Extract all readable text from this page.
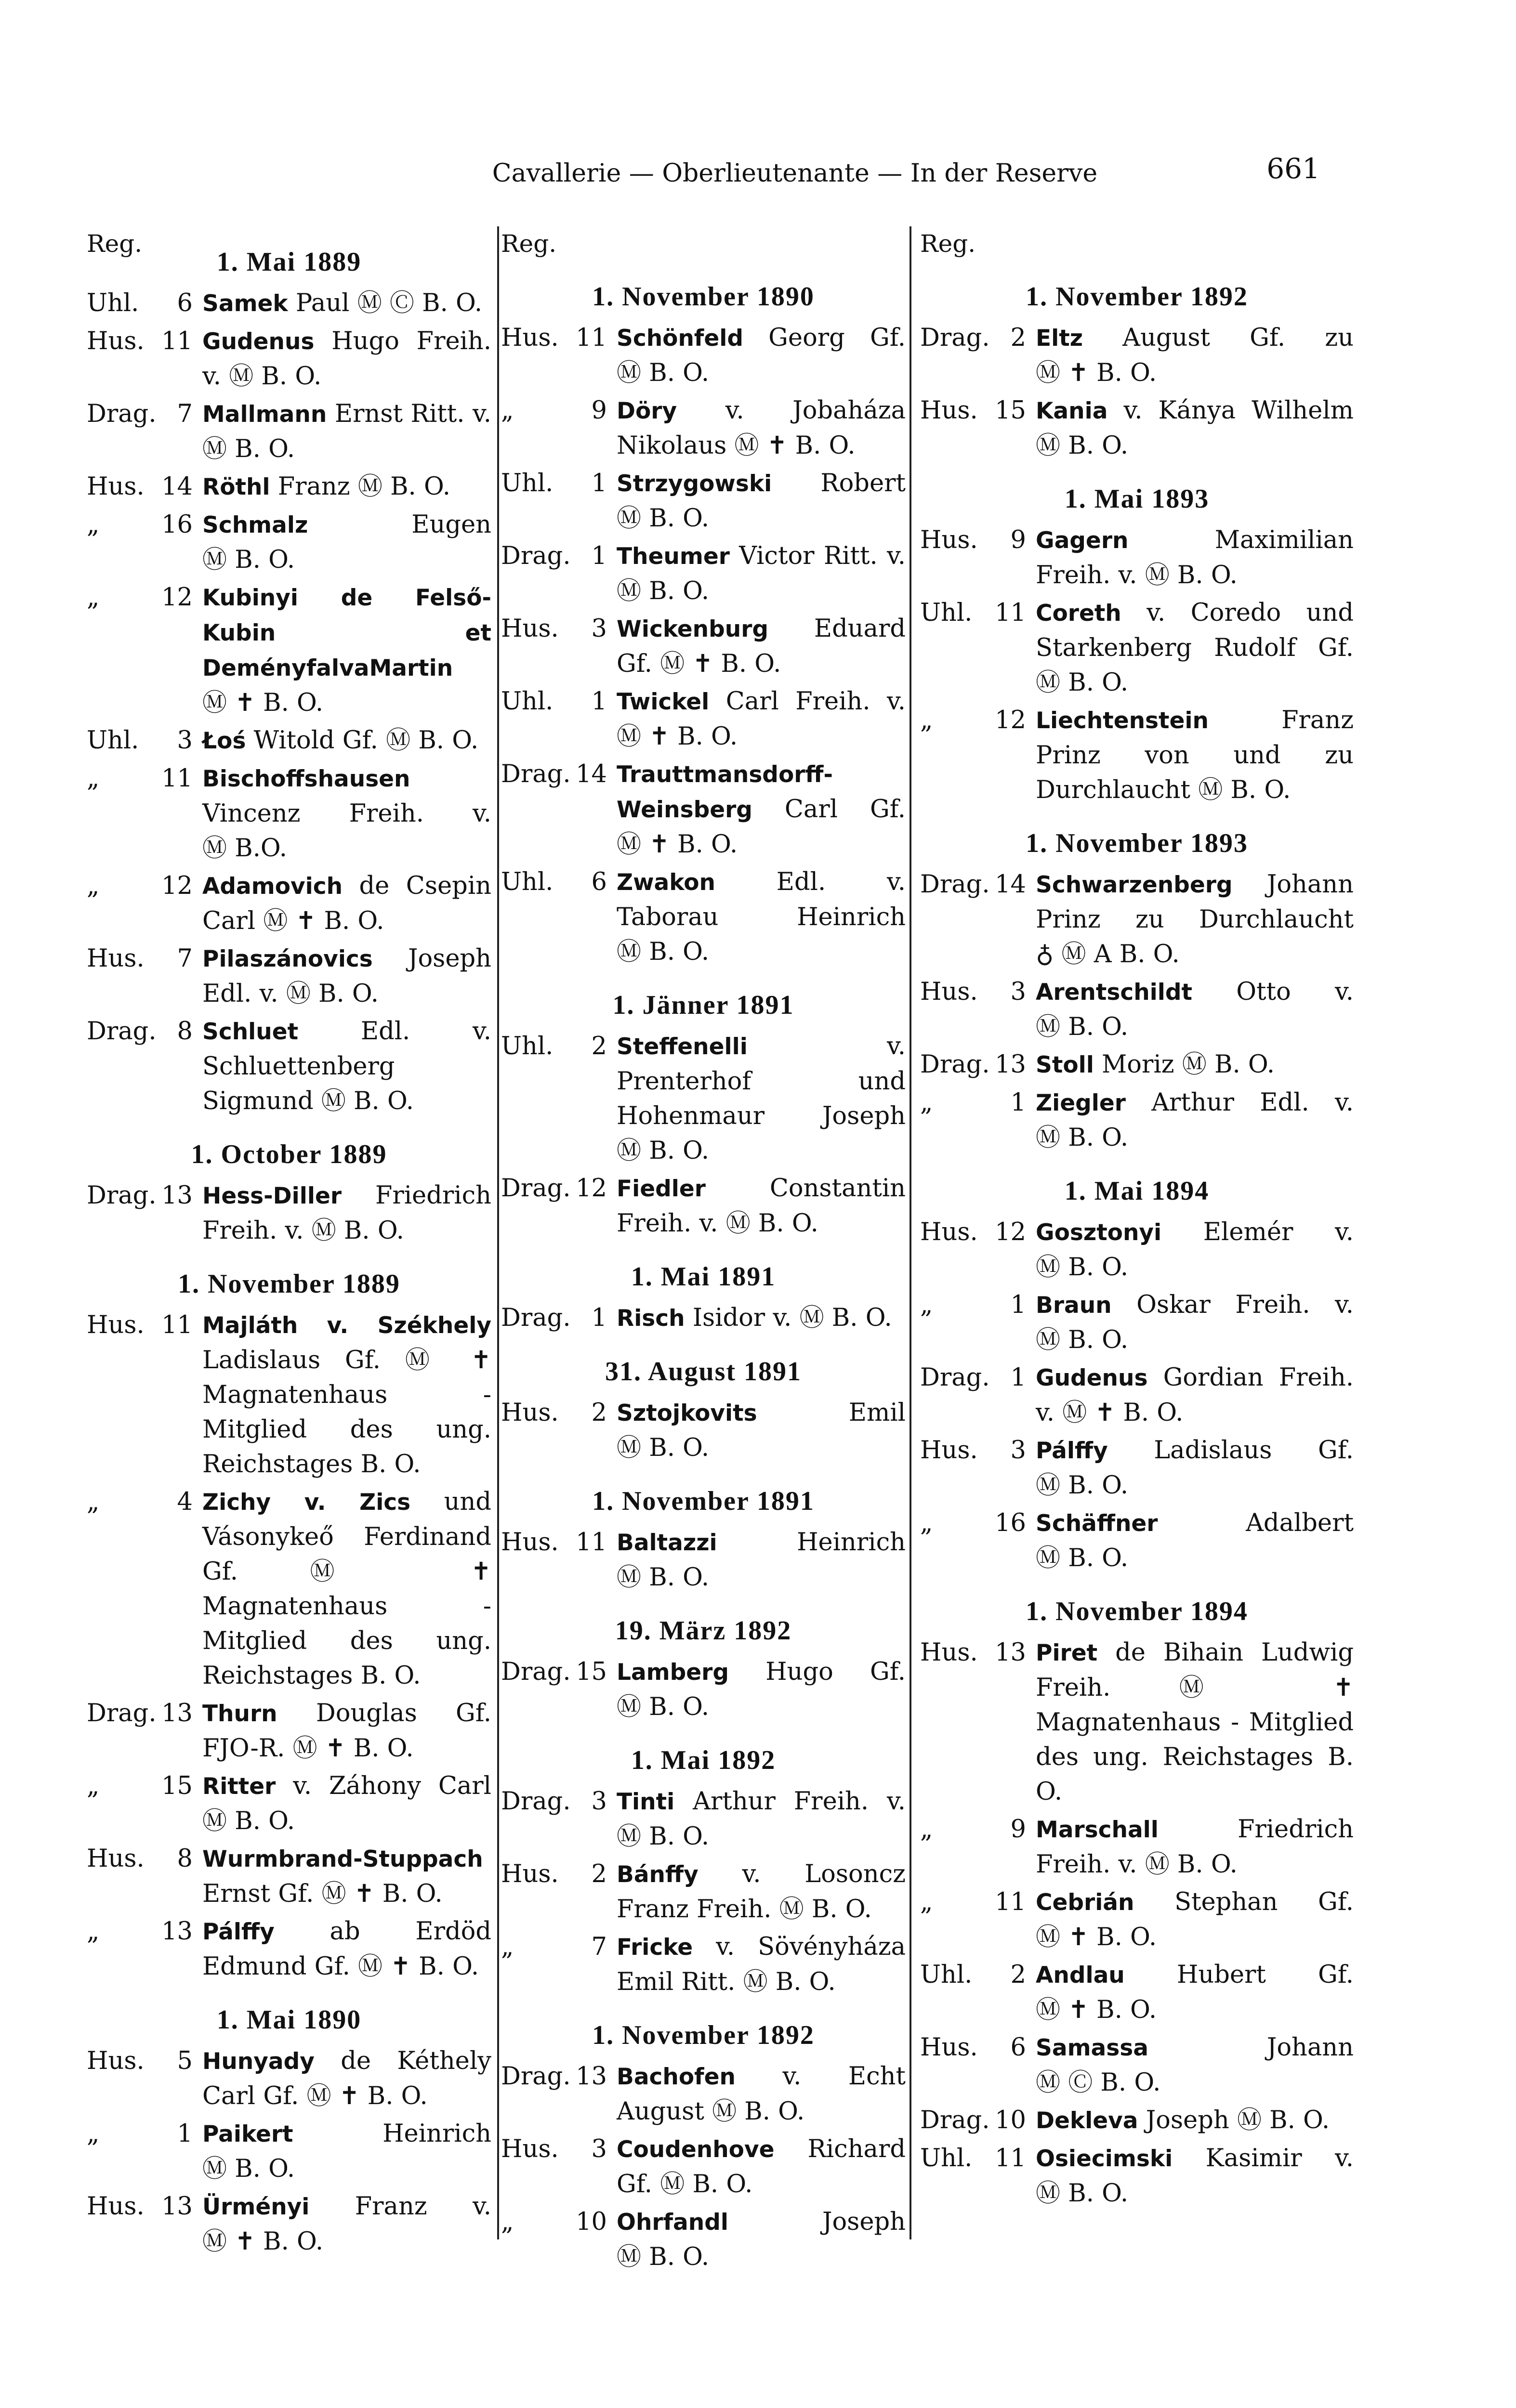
Cavallerie — Oberlieutenante — In der Reserve	661
Reg.
1. Mai 1889
Uhl.	6 Samek Paul Ⓜ Ⓒ B. O.
Hus. 11 Gudenus Hugo Freih. v. Ⓜ B. O.
Drag. 7 Mallmann Ernst Ritt. v. Ⓜ B. O.
Hus. 14 Röthl Franz Ⓜ B. O.
„	16 Schmalz	Eugen Ⓜ B. O.
„	12 Kubinyi de Felső-Kubin et DeményfalvaMartin Ⓜ ✝ B. O.
Uhl.	3 Łoś Witold Gf. Ⓜ B. O.
„	11 Bischoffshausen Vincenz Freih. v. Ⓜ B.O.
„	12 Adamovich de Csepin Carl Ⓜ ✝ B. O.
Hus.	7 Pilaszánovics Joseph Edl. v. Ⓜ B. O.
Drag. 8 Schluet	Edl. v. Schluettenberg Sigmund Ⓜ B. O.
1. October 1889
Drag. 13 Hess-Diller Friedrich Freih. v. Ⓜ B. O.
1. November 1889
Hus. 11 Majláth v. Székhely Ladislaus Gf. Ⓜ ✝ Magnatenhaus - Mitglied des ung. Reichstages B. O.
„	4 Zichy v. Zics und Vásonykeő Ferdinand Gf.	Ⓜ ✝ Magnatenhaus - Mitglied des ung. Reichstages B. O.
Drag. 13 Thurn Douglas Gf. FJO-R. Ⓜ ✝ B. O.
„	15 Ritter v. Záhony Carl Ⓜ B. O.
Hus.	8 Wurmbrand-Stuppach Ernst Gf. Ⓜ ✝ B. O.
„	13 Pálffy ab Erdöd Edmund Gf. Ⓜ ✝ B. O.
1. Mai 1890
Hus.	5 Hunyady de Kéthely Carl Gf. Ⓜ ✝ B. O.
„	1 Paikert	Heinrich Ⓜ B. O.
Hus. 13 Ürményi Franz v. Ⓜ ✝ B. O.
Reg.
1. November 1890
Hus. 11 Schönfeld Georg Gf. Ⓜ B. O.
„	9 Döry v. Jobaháza Nikolaus Ⓜ ✝ B. O.
Uhl.	1 Strzygowski Robert Ⓜ B. O.
Drag. 1 Theumer Victor Ritt. v. Ⓜ B. O.
Hus.	3 Wickenburg Eduard Gf. Ⓜ ✝ B. O.
Uhl.	1 Twickel Carl Freih. v. Ⓜ ✝ B. O.
Drag. 14 Trauttmansdorff-Weinsberg Carl Gf. Ⓜ ✝ B. O.
Uhl.	6 Zwakon Edl. v. Taborau Heinrich Ⓜ B. O.
1. Jänner 1891
Uhl.	2 Steffenelli	v. Prenterhof und Hohenmaur Joseph Ⓜ B. O.
Drag. 12 Fiedler	Constantin Freih. v. Ⓜ B. O.
1. Mai 1891
Drag. 1 Risch Isidor v. Ⓜ B. O.
31. August 1891
Hus.	2 Sztojkovits	Emil Ⓜ B. O.
1. November 1891
Hus. 11 Baltazzi	Heinrich Ⓜ B. O.
19. März 1892
Drag. 15 Lamberg Hugo Gf. Ⓜ B. O.
1. Mai 1892
Drag. 3 Tinti Arthur Freih. v. Ⓜ B. O.
Hus.	2 Bánffy v. Losoncz Franz Freih. Ⓜ B. O.
„	7 Fricke v. Sövényháza Emil Ritt. Ⓜ B. O.
1. November 1892
Drag. 13 Bachofen v. Echt August Ⓜ B. O.
Hus.	3 Coudenhove Richard Gf. Ⓜ B. O.
„	10 Ohrfandl	Joseph Ⓜ B. O.
Reg.
1. November 1892
Drag. 2 Eltz August Gf. zu Ⓜ ✝ B. O.
Hus. 15 Kania v. Kánya Wilhelm Ⓜ B. O.
1. Mai 1893
Hus.	9 Gagern	Maximilian Freih. v. Ⓜ B. O.
Uhl. 11 Coreth v. Coredo und Starkenberg Rudolf Gf. Ⓜ B. O.
„	12 Liechtenstein	Franz Prinz von und zu Durchlaucht Ⓜ B. O.
1. November 1893
Drag. 14 Schwarzenberg Johann Prinz zu Durchlaucht ♁ Ⓜ A B. O.
Hus.	3 Arentschildt Otto v. Ⓜ B. O.
Drag. 13 Stoll Moriz Ⓜ B. O.
„	1 Ziegler Arthur Edl. v. Ⓜ B. O.
1. Mai 1894
Hus. 12 Gosztonyi Elemér v. Ⓜ B. O.
„	1 Braun Oskar Freih. v. Ⓜ B. O.
Drag. 1 Gudenus Gordian Freih. v. Ⓜ ✝ B. O.
Hus.	3 Pálffy Ladislaus Gf. Ⓜ B. O.
„	16 Schäffner	Adalbert Ⓜ B. O.
1. November 1894
Hus. 13 Piret de Bihain Ludwig Freih.	Ⓜ ✝ Magnatenhaus - Mitglied des ung. Reichstages B. O.
„	9 Marschall	Friedrich Freih. v. Ⓜ B. O.
„	11 Cebrián Stephan Gf. Ⓜ ✝ B. O.
Uhl.	2 Andlau Hubert Gf. Ⓜ ✝ B. O.
Hus.	6 Samassa	Johann Ⓜ Ⓒ B. O.
Drag. 10 Dekleva Joseph Ⓜ B. O.
Uhl. 11 Osiecimski Kasimir v. Ⓜ B. O.
